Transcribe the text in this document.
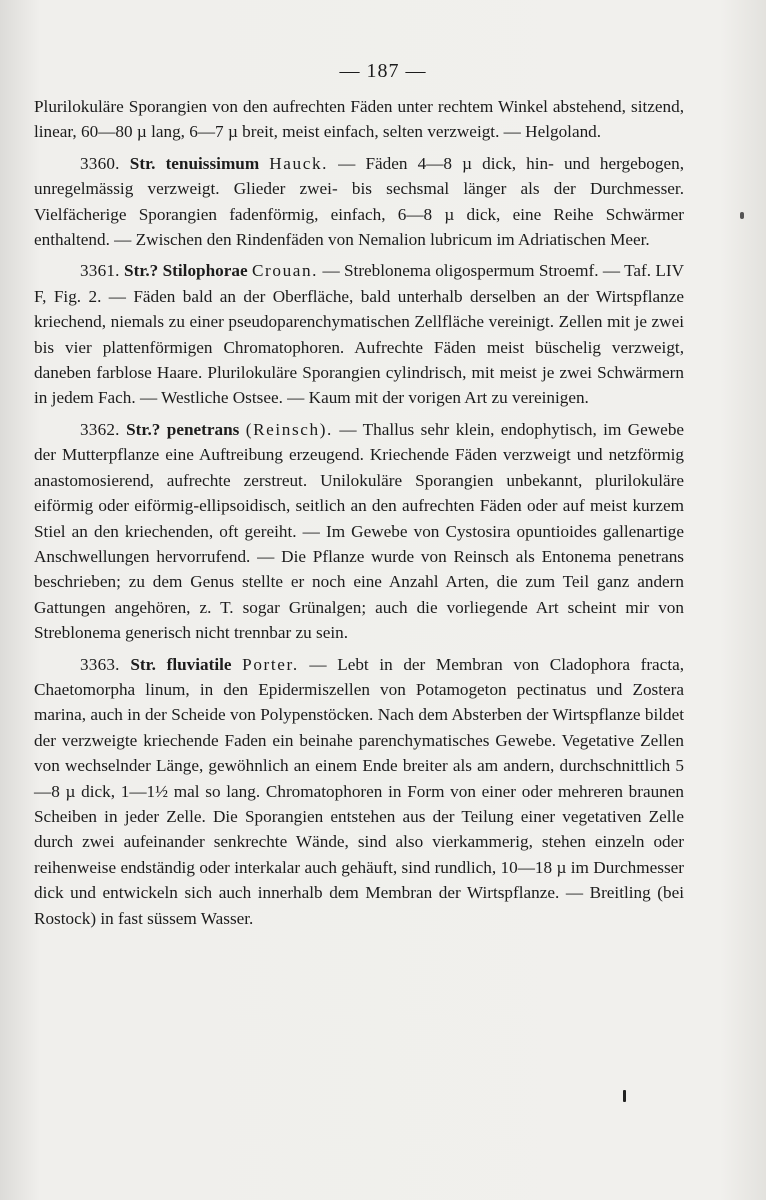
— 187 —

Plurilokuläre Sporangien von den aufrechten Fäden unter rechtem Winkel abstehend, sitzend, linear, 60—80 µ lang, 6—7 µ breit, meist einfach, selten verzweigt. — Helgoland.

3360. Str. tenuissimum Hauck. — Fäden 4—8 µ dick, hin- und hergebogen, unregelmässig verzweigt. Glieder zwei- bis sechsmal länger als der Durchmesser. Vielfächerige Sporangien fadenförmig, einfach, 6—8 µ dick, eine Reihe Schwärmer enthaltend. — Zwischen den Rindenfäden von Nemalion lubricum im Adriatischen Meer.

3361. Str.? Stilophorae Crouan. — Streblonema oligospermum Stroemf. — Taf. LIV F, Fig. 2. — Fäden bald an der Oberfläche, bald unterhalb derselben an der Wirtspflanze kriechend, niemals zu einer pseudoparenchymatischen Zellfläche vereinigt. Zellen mit je zwei bis vier plattenförmigen Chromatophoren. Aufrechte Fäden meist büschelig verzweigt, daneben farblose Haare. Plurilokuläre Sporangien cylindrisch, mit meist je zwei Schwärmern in jedem Fach. — Westliche Ostsee. — Kaum mit der vorigen Art zu vereinigen.

3362. Str.? penetrans (Reinsch). — Thallus sehr klein, endophytisch, im Gewebe der Mutterpflanze eine Auftreibung erzeugend. Kriechende Fäden verzweigt und netzförmig anastomosierend, aufrechte zerstreut. Unilokuläre Sporangien unbekannt, plurilokuläre eiförmig oder eiförmig-ellipsoidisch, seitlich an den aufrechten Fäden oder auf meist kurzem Stiel an den kriechenden, oft gereiht. — Im Gewebe von Cystosira opuntioides gallenartige Anschwellungen hervorrufend. — Die Pflanze wurde von Reinsch als Entonema penetrans beschrieben; zu dem Genus stellte er noch eine Anzahl Arten, die zum Teil ganz andern Gattungen angehören, z. T. sogar Grünalgen; auch die vorliegende Art scheint mir von Streblonema generisch nicht trennbar zu sein.

3363. Str. fluviatile Porter. — Lebt in der Membran von Cladophora fracta, Chaetomorpha linum, in den Epidermiszellen von Potamogeton pectinatus und Zostera marina, auch in der Scheide von Polypenstöcken. Nach dem Absterben der Wirtspflanze bildet der verzweigte kriechende Faden ein beinahe parenchymatisches Gewebe. Vegetative Zellen von wechselnder Länge, gewöhnlich an einem Ende breiter als am andern, durchschnittlich 5—8 µ dick, 1—1½ mal so lang. Chromatophoren in Form von einer oder mehreren braunen Scheiben in jeder Zelle. Die Sporangien entstehen aus der Teilung einer vegetativen Zelle durch zwei aufeinander senkrechte Wände, sind also vierkammerig, stehen einzeln oder reihenweise endständig oder interkalar auch gehäuft, sind rundlich, 10—18 µ im Durchmesser dick und entwickeln sich auch innerhalb dem Membran der Wirtspflanze. — Breitling (bei Rostock) in fast süssem Wasser.
